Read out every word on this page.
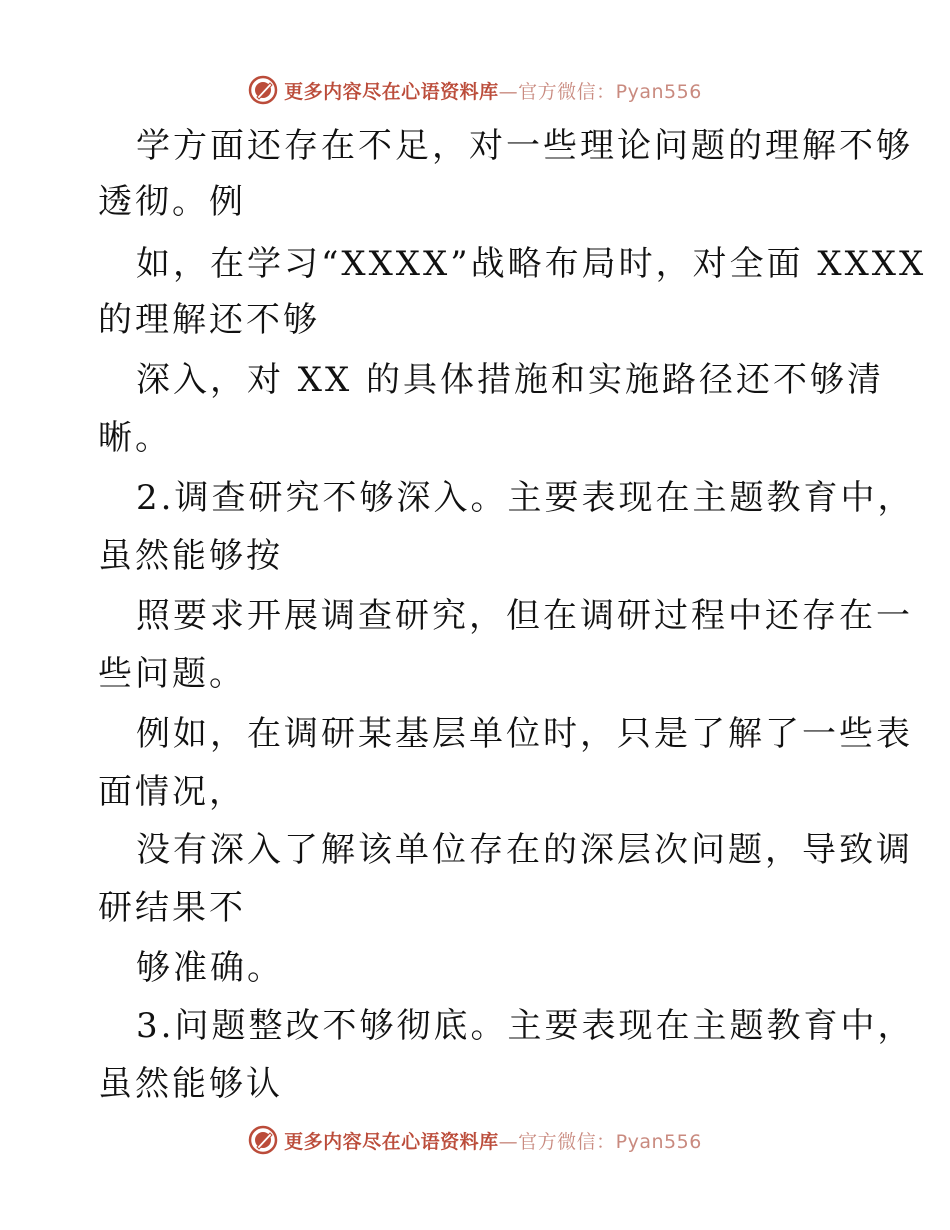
更多内容尽在心语资料库—官方微信：Pyan556
学方面还存在不足，对一些理论问题的理解不够
透彻。例
如，在学习“XXXX”战略布局时，对全面 XXXX
的理解还不够
深入，对 XX 的具体措施和实施路径还不够清
晰。
2.调查研究不够深入。主要表现在主题教育中，
虽然能够按
照要求开展调查研究，但在调研过程中还存在一
些问题。
例如，在调研某基层单位时，只是了解了一些表
面情况，
没有深入了解该单位存在的深层次问题，导致调
研结果不
够准确。
3.问题整改不够彻底。主要表现在主题教育中，
虽然能够认
更多内容尽在心语资料库—官方微信：Pyan556
